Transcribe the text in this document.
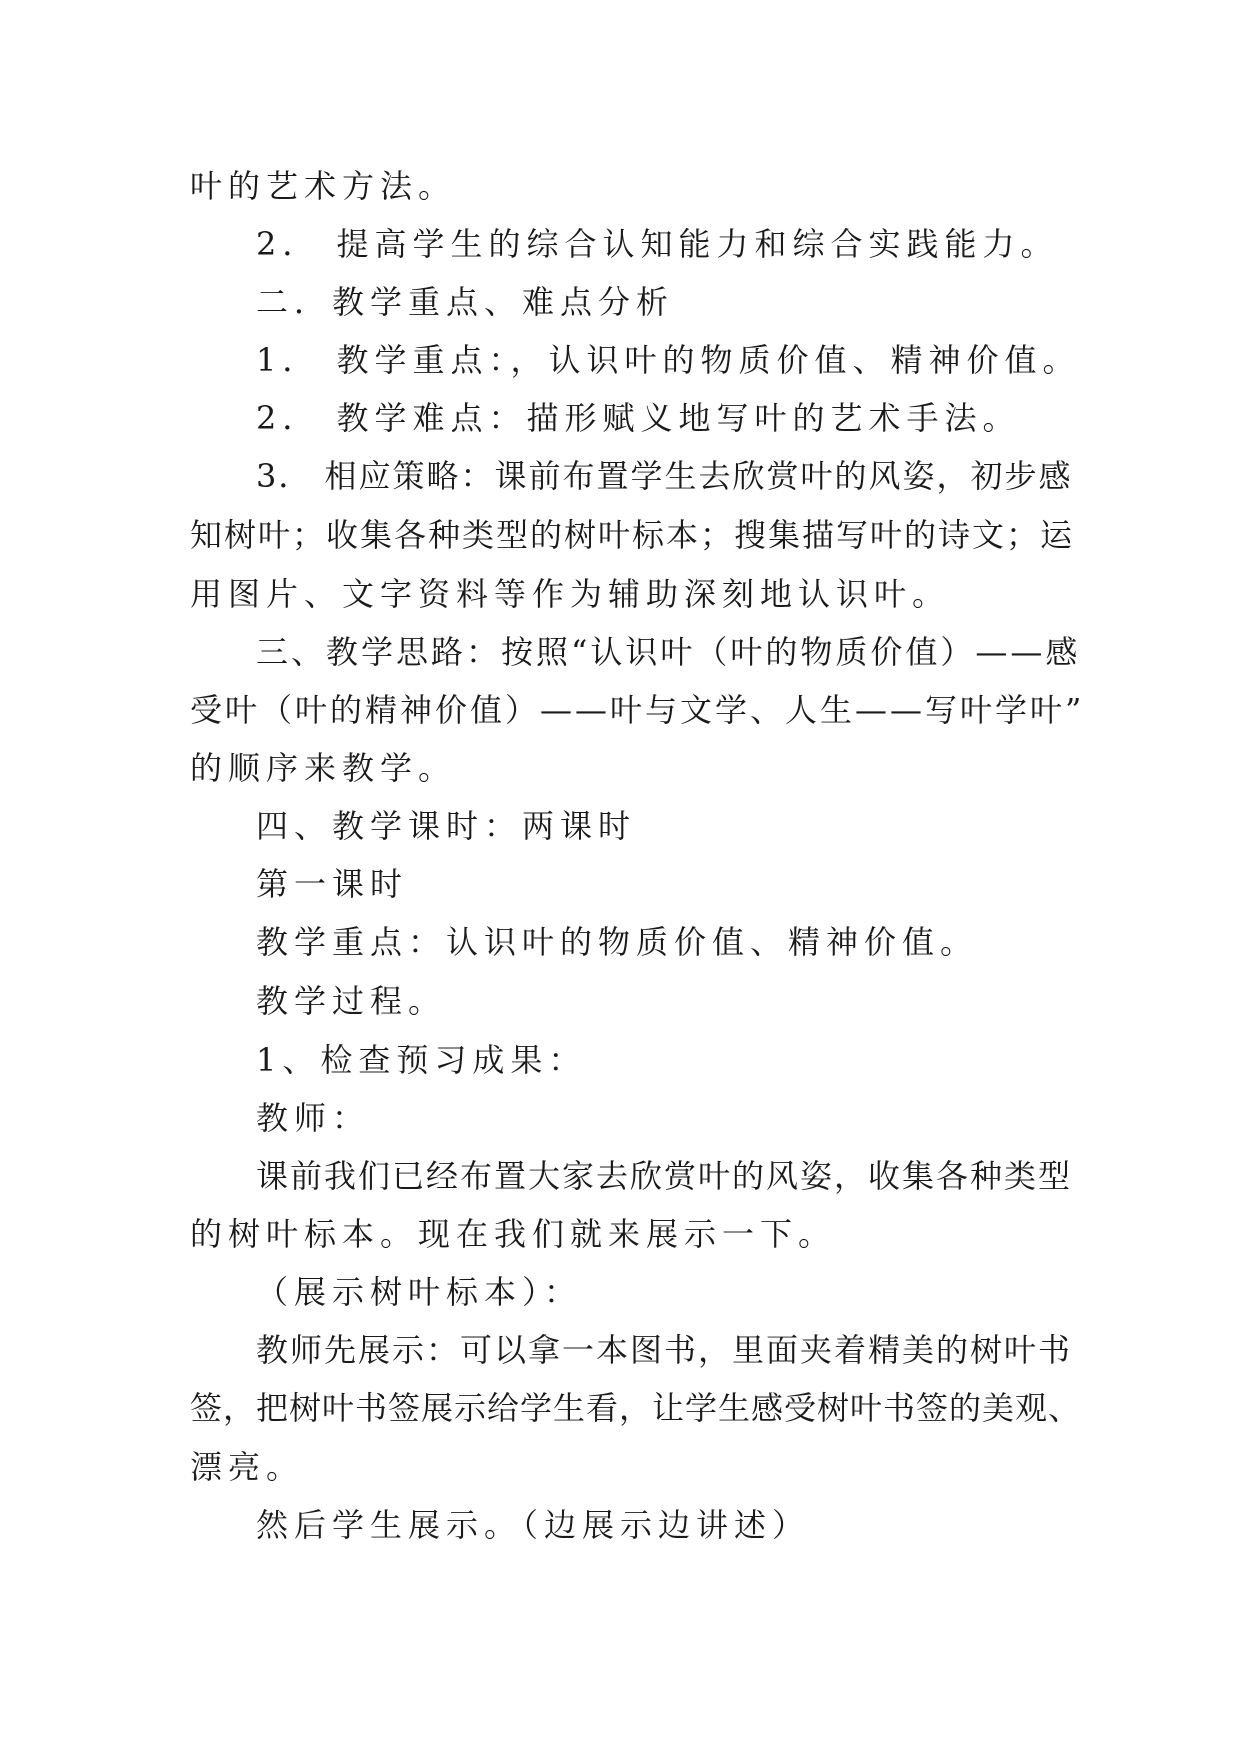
叶的艺术方法。
2． 提高学生的综合认知能力和综合实践能力。
二．教学重点、难点分析
1． 教学重点：，认识叶的物质价值、精神价值。
2． 教学难点：描形赋义地写叶的艺术手法。
3． 相应策略：课前布置学生去欣赏叶的风姿，初步感
知树叶；收集各种类型的树叶标本；搜集描写叶的诗文；运
用图片、文字资料等作为辅助深刻地认识叶。
三、教学思路：按照“认识叶（叶的物质价值）——感
受叶（叶的精神价值）——叶与文学、人生——写叶学叶”
的顺序来教学。
四、教学课时：两课时
第一课时
教学重点：认识叶的物质价值、精神价值。
教学过程。
1、检查预习成果：
教师：
课前我们已经布置大家去欣赏叶的风姿，收集各种类型
的树叶标本。现在我们就来展示一下。
（展示树叶标本）：
教师先展示：可以拿一本图书，里面夹着精美的树叶书
签，把树叶书签展示给学生看，让学生感受树叶书签的美观、
漂亮。
然后学生展示。（边展示边讲述）
